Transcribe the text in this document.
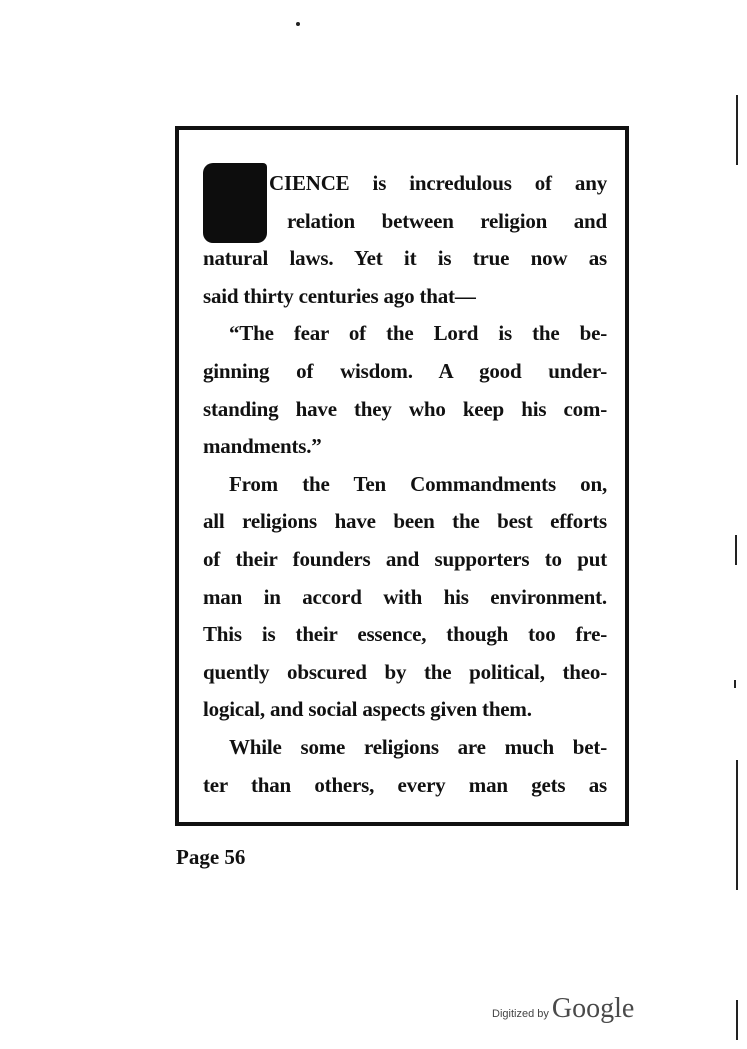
CIENCE is incredulous of any
relation between religion and
natural laws. Yet it is true now as
said thirty centuries ago that—
“The fear of the Lord is the be-
ginning of wisdom. A good under-
standing have they who keep his com-
mandments.”
From the Ten Commandments on,
all religions have been the best efforts
of their founders and supporters to put
man in accord with his environment.
This is their essence, though too fre-
quently obscured by the political, theo-
logical, and social aspects given them.
While some religions are much bet-
ter than others, every man gets as
Page 56
Digitized by Google
